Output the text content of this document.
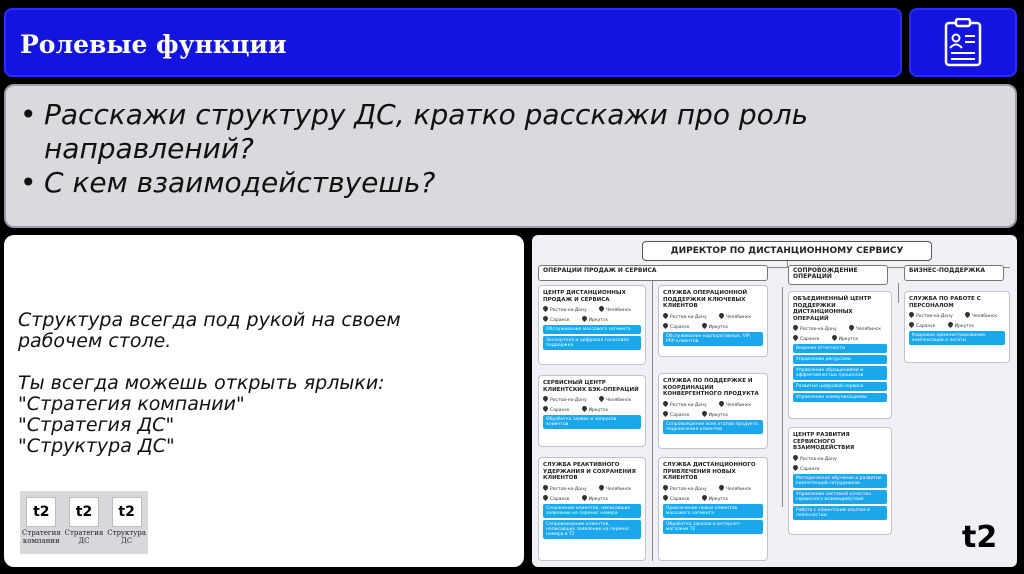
Ролевые функции
• Расскажи структуру ДС, кратко расскажи про роль направлений?
• С кем взаимодействуешь?
Структура всегда под рукой на своем рабочем столе.
Ты всегда можешь открыть ярлыки:
"Стратегия компании"
"Стратегия ДС"
"Структура ДС"
t2
Стратегия компании
t2
Стратегия ДС
t2
Структура ДС
ДИРЕКТОР ПО ДИСТАНЦИОННОМУ СЕРВИСУ
ОПЕРАЦИИ ПРОДАЖ И СЕРВИСА	СОПРОВОЖДЕНИЕ ОПЕРАЦИЙ
БИЗНЕС-ПОДДЕРЖКА
ЦЕНТР ДИСТАНЦИОННЫХ ПРОДАЖ И СЕРВИСА
Ростов-на-Дону	Челябинск
Саранск	Иркутск
Обслуживание массового сегмента
Экспертная и цифровая голосовая поддержка
СЛУЖБА ОПЕРАЦИОННОЙ ПОДДЕРЖКИ КЛЮЧЕВЫХ КЛИЕНТОВ
Ростов-на-Дону	Челябинск
Саранск	Иркутск
Обслуживание корпоративных, VIP, PRP клиентов
СЕРВИСНЫЙ ЦЕНТР КЛИЕНТСКИХ БЭК-ОПЕРАЦИЙ
Ростов-на-Дону	Челябинск
Саранск	Иркутск
Обработка заявок и запросов клиентов
СЛУЖБА ПО ПОДДЕРЖКЕ И КООРДИНАЦИИ КОНВЕРГЕНТНОГО ПРОДУКТА
Ростов-на-Дону	Челябинск
Саранск	Иркутск
Сопровождение всех этапов продукта подключения клиентов
СЛУЖБА РЕАКТИВНОГО УДЕРЖАНИЯ И СОХРАНЕНИЯ КЛИЕНТОВ
Ростов-на-Дону	Челябинск
Саранск	Иркутск
Сохранение клиентов, написавших заявление на перенос номера
Сопровождение клиентов, написавших заявление на перенос номера в T2
СЛУЖБА ДИСТАНЦИОННОГО ПРИВЛЕЧЕНИЯ НОВЫХ КЛИЕНТОВ
Ростов-на-Дону	Челябинск
Саранск	Иркутск
Привлечение новых клиентов массового сегмента
Обработка заказов в интернет-магазине T2
ОБЪЕДИНЕННЫЙ ЦЕНТР ПОДДЕРЖКИ ДИСТАНЦИОННЫХ ОПЕРАЦИЙ
Ростов-на-Дону	Челябинск
Саранск	Иркутск
Ведение отчетности
Управление ресурсами
Управление обращениями и эффективностью процессов
Развитие цифровой сервиса
Управление коммуникациями
ЦЕНТР РАЗВИТИЯ СЕРВИСНОГО ВЗАИМОДЕЙСТВИЯ
Ростов-на-Дону
Саранск
Методическое обучение и развитие компетенций сотрудников
Управление системой качества сервисного взаимодействия
Работа с клиентским опытом и лояльностью
СЛУЖБА ПО РАБОТЕ С ПЕРСОНАЛОМ
Ростов-на-Дону	Челябинск
Саранск	Иркутск
Кадровое администрирование, компенсации и льготы
t2
